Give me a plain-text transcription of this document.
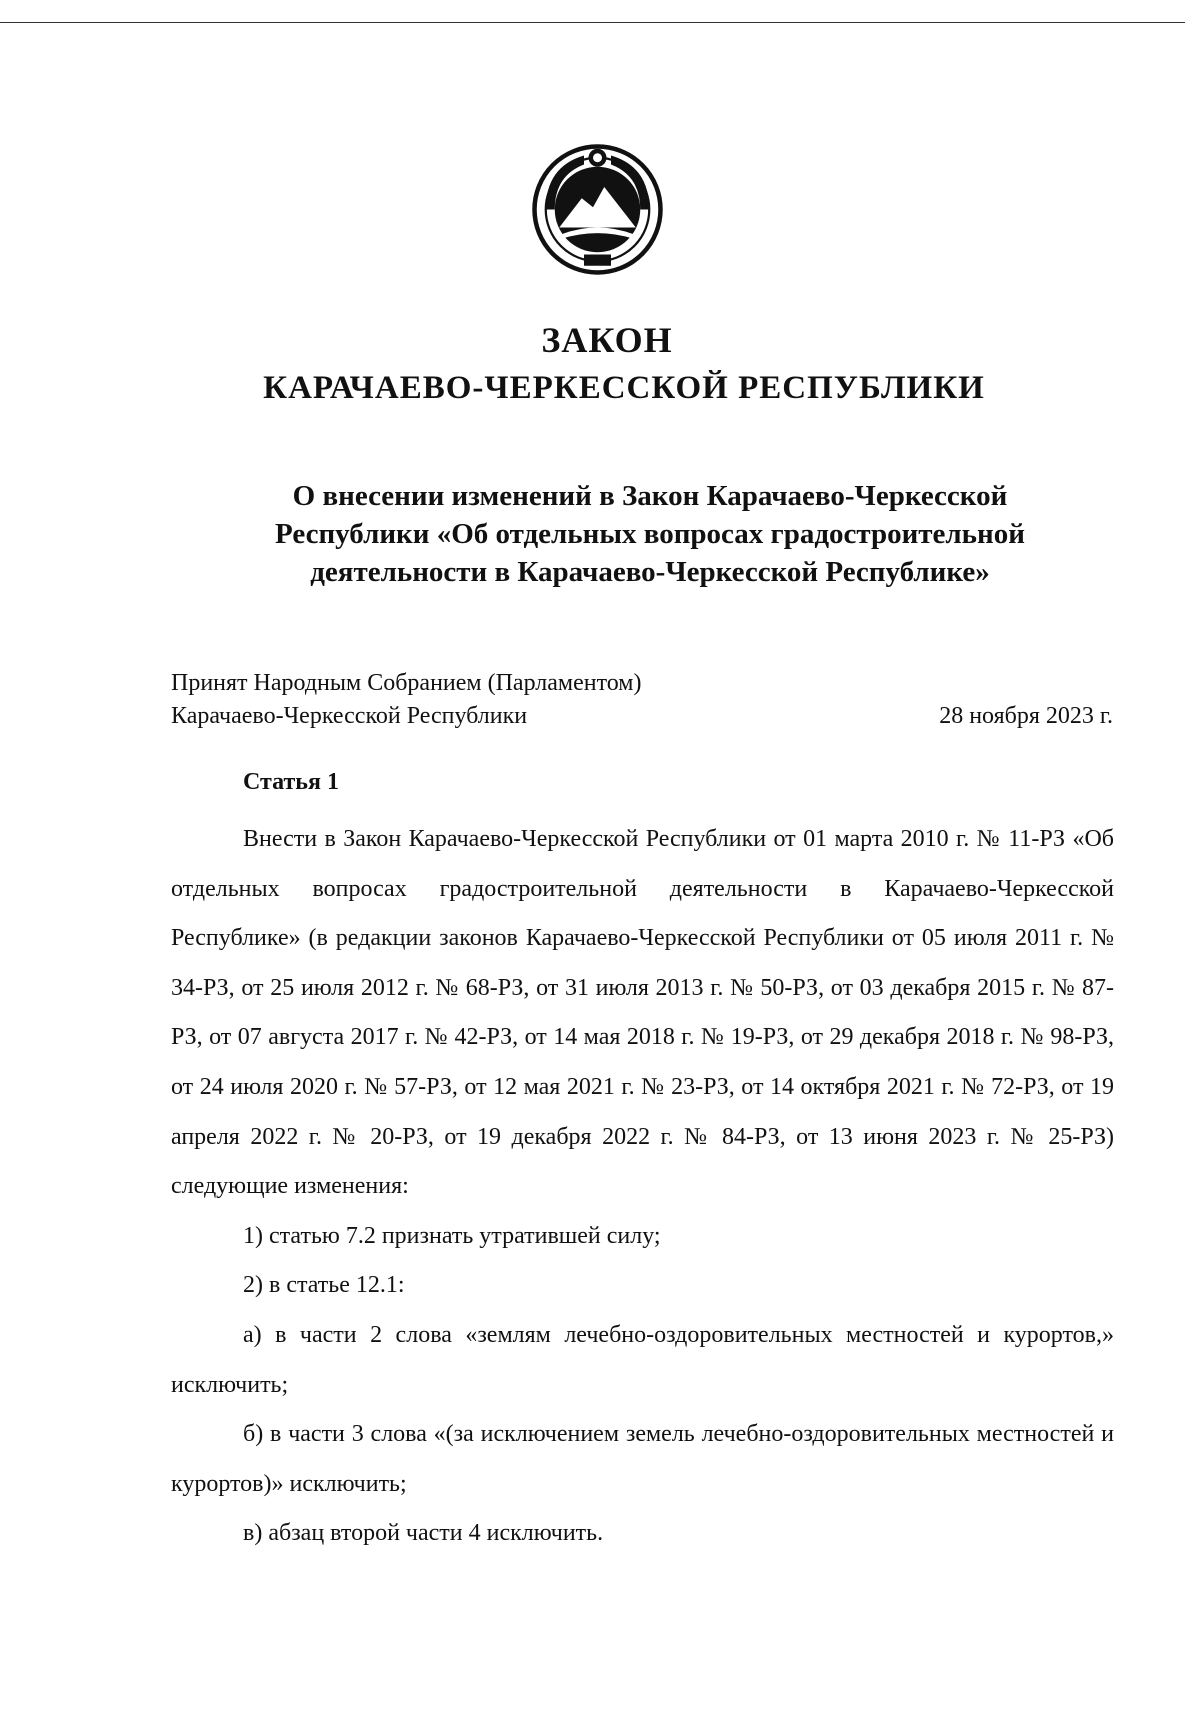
ЗАКОН
КАРАЧАЕВО-ЧЕРКЕССКОЙ РЕСПУБЛИКИ
О внесении изменений в Закон Карачаево-Черкесской
Республики «Об отдельных вопросах градостроительной
деятельности в Карачаево-Черкесской Республике»
Принят Народным Собранием (Парламентом)
Карачаево-Черкесской Республики	28 ноября 2023 г.
Статья 1

Внести в Закон Карачаево-Черкесской Республики от 01 марта 2010 г. № 11-РЗ «Об отдельных вопросах градостроительной деятельности в Карачаево-Черкесской Республике» (в редакции законов Карачаево-Черкесской Республики от 05 июля 2011 г. № 34-РЗ, от 25 июля 2012 г. № 68-РЗ, от 31 июля 2013 г. № 50-РЗ, от 03 декабря 2015 г. № 87-РЗ, от 07 августа 2017 г. № 42-РЗ, от 14 мая 2018 г. № 19-РЗ, от 29 декабря 2018 г. № 98-РЗ, от 24 июля 2020 г. № 57-РЗ, от 12 мая 2021 г. № 23-РЗ, от 14 октября 2021 г. № 72-РЗ, от 19 апреля 2022 г. № 20-РЗ, от 19 декабря 2022 г. № 84-РЗ, от 13 июня 2023 г. № 25-РЗ) следующие изменения:

1) статью 7.2 признать утратившей силу;

2) в статье 12.1:

а) в части 2 слова «землям лечебно-оздоровительных местностей и курортов,» исключить;

б) в части 3 слова «(за исключением земель лечебно-оздоровительных местностей и курортов)» исключить;

в) абзац второй части 4 исключить.
